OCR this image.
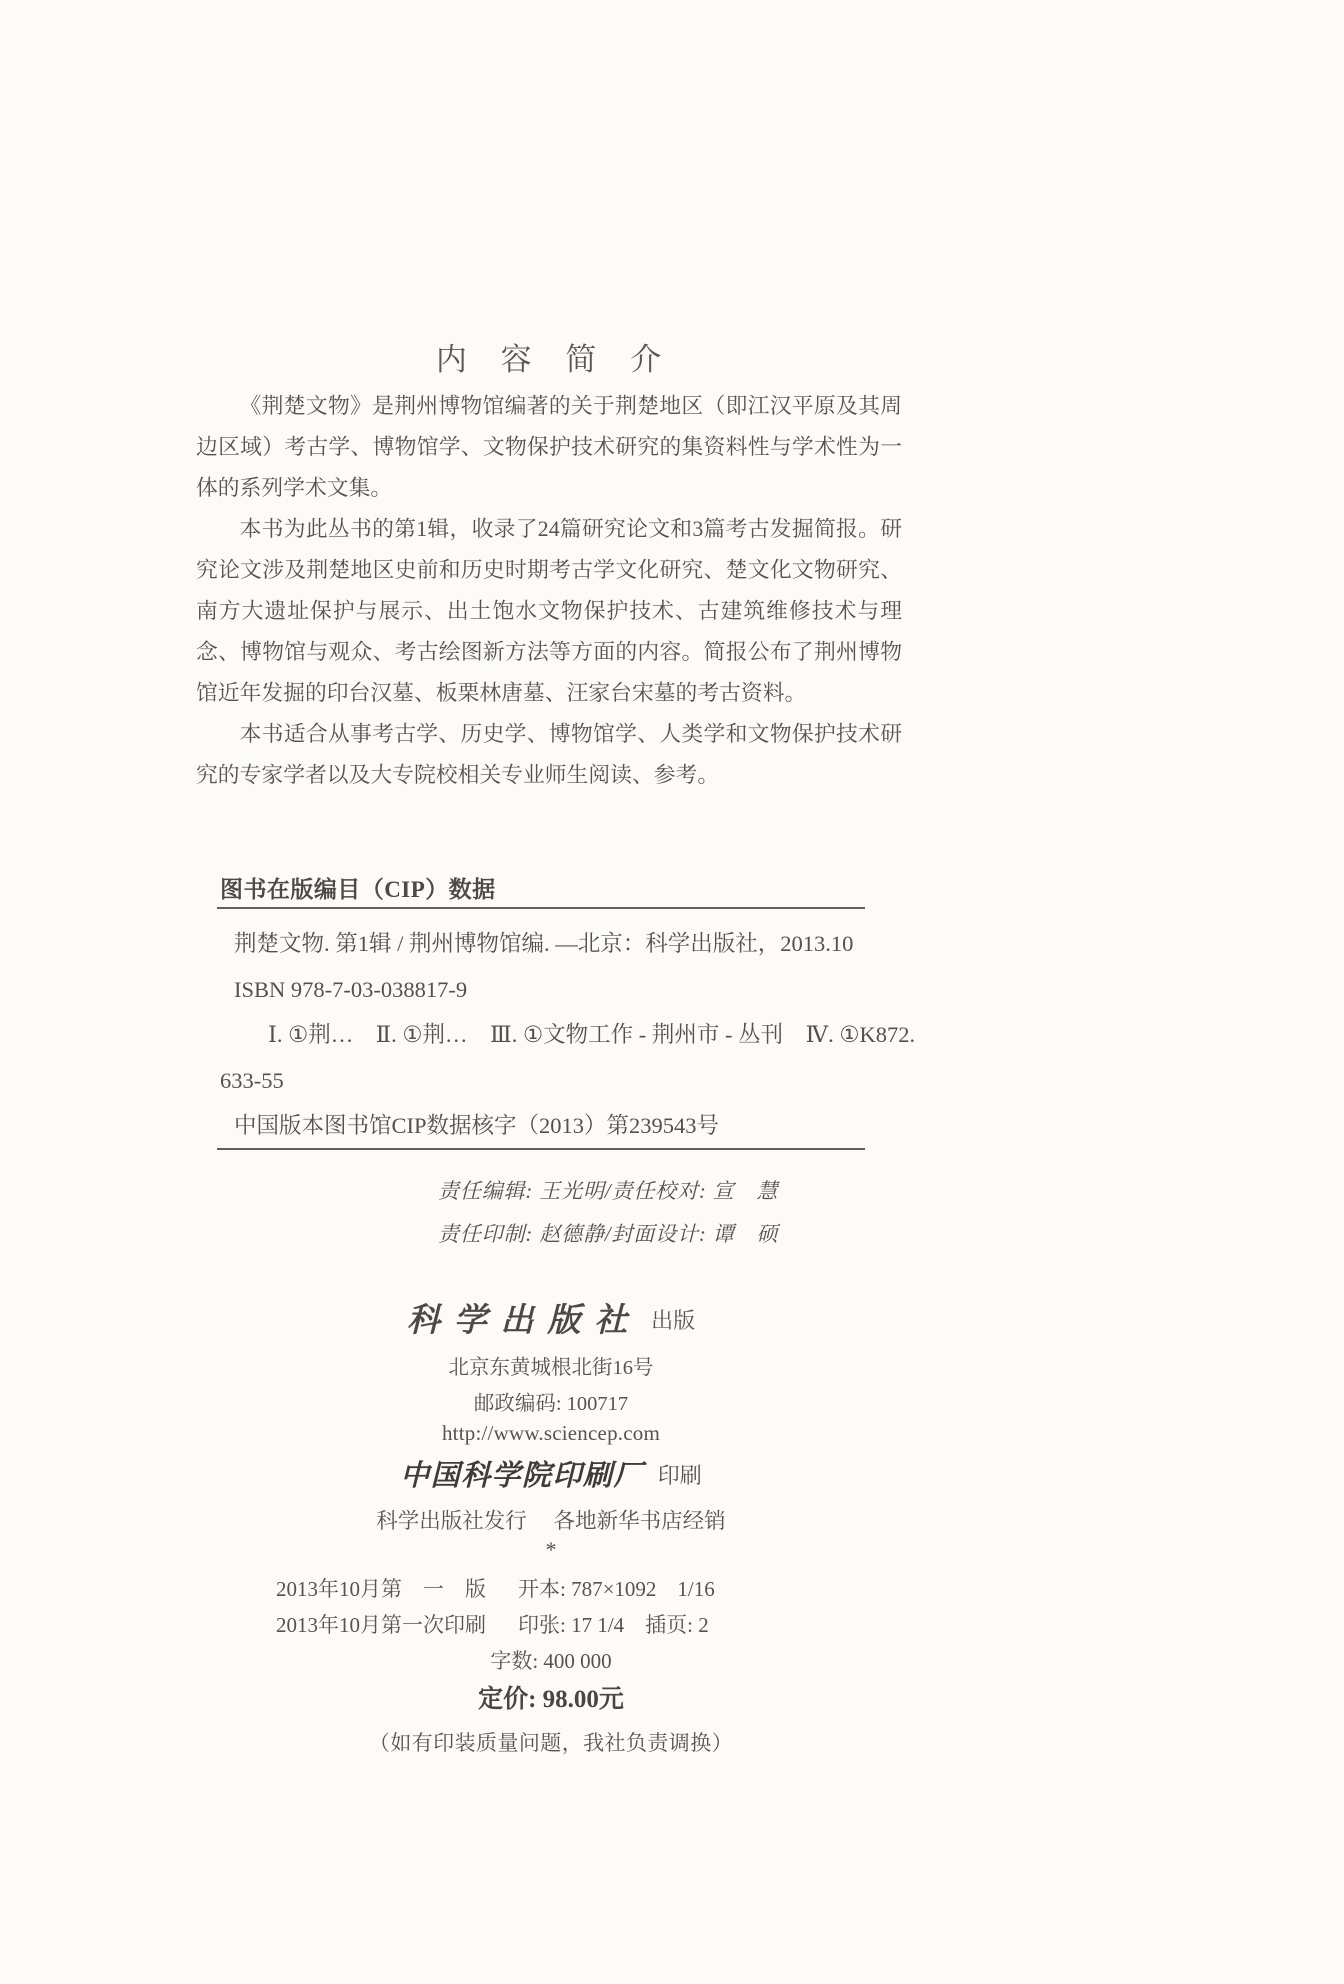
内 容 简 介

《荆楚文物》是荆州博物馆编著的关于荆楚地区（即江汉平原及其周边区域）考古学、博物馆学、文物保护技术研究的集资料性与学术性为一体的系列学术文集。

本书为此丛书的第1辑，收录了24篇研究论文和3篇考古发掘简报。研究论文涉及荆楚地区史前和历史时期考古学文化研究、楚文化文物研究、南方大遗址保护与展示、出土饱水文物保护技术、古建筑维修技术与理念、博物馆与观众、考古绘图新方法等方面的内容。简报公布了荆州博物馆近年发掘的印台汉墓、板栗林唐墓、汪家台宋墓的考古资料。

本书适合从事考古学、历史学、博物馆学、人类学和文物保护技术研究的专家学者以及大专院校相关专业师生阅读、参考。

图书在版编目（CIP）数据

荆楚文物. 第1辑 / 荆州博物馆编. —北京：科学出版社，2013.10

ISBN 978-7-03-038817-9

Ⅰ. ①荆…　Ⅱ. ①荆…　Ⅲ. ①文物工作 - 荆州市 - 丛刊　Ⅳ. ①K872.

633-55

中国版本图书馆CIP数据核字（2013）第239543号

责任编辑: 王光明/责任校对: 宣　慧

责任印制: 赵德静/封面设计: 谭　硕

科学出版社 出版

北京东黄城根北街16号

邮政编码: 100717

http://www.sciencep.com

中国科学院印刷厂 印刷

科学出版社发行　 各地新华书店经销

*

2013年10月第　一　版	开本: 787×1092　1/16
2013年10月第一次印刷	印张: 17 1/4　插页: 2

字数: 400 000

定价: 98.00元

（如有印装质量问题，我社负责调换）
